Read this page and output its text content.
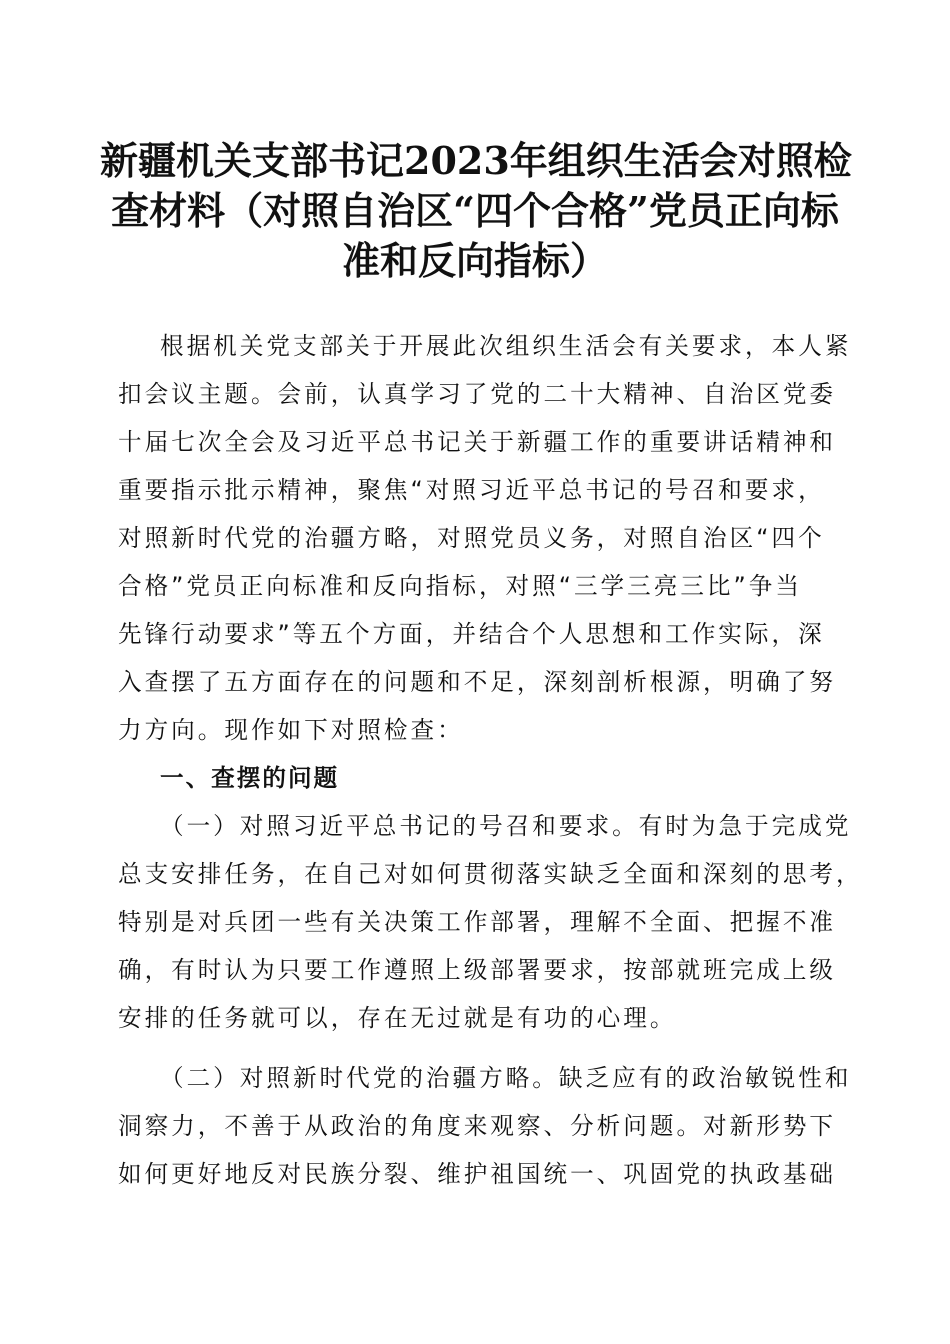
新疆机关支部书记2023年组织生活会对照检
查材料（对照自治区“四个合格”党员正向标
准和反向指标）
根据机关党支部关于开展此次组织生活会有关要求，本人紧
扣会议主题。会前，认真学习了党的二十大精神、自治区党委
十届七次全会及习近平总书记关于新疆工作的重要讲话精神和
重要指示批示精神，聚焦“对照习近平总书记的号召和要求，
对照新时代党的治疆方略，对照党员义务，对照自治区“四个
合格”党员正向标准和反向指标，对照“三学三亮三比”争当
先锋行动要求”等五个方面，并结合个人思想和工作实际，深
入查摆了五方面存在的问题和不足，深刻剖析根源，明确了努
力方向。现作如下对照检查：
一、查摆的问题
（一）对照习近平总书记的号召和要求。有时为急于完成党
总支安排任务，在自己对如何贯彻落实缺乏全面和深刻的思考，
特别是对兵团一些有关决策工作部署，理解不全面、把握不准
确，有时认为只要工作遵照上级部署要求，按部就班完成上级
安排的任务就可以，存在无过就是有功的心理。
（二）对照新时代党的治疆方略。缺乏应有的政治敏锐性和
洞察力，不善于从政治的角度来观察、分析问题。对新形势下
如何更好地反对民族分裂、维护祖国统一、巩固党的执政基础
